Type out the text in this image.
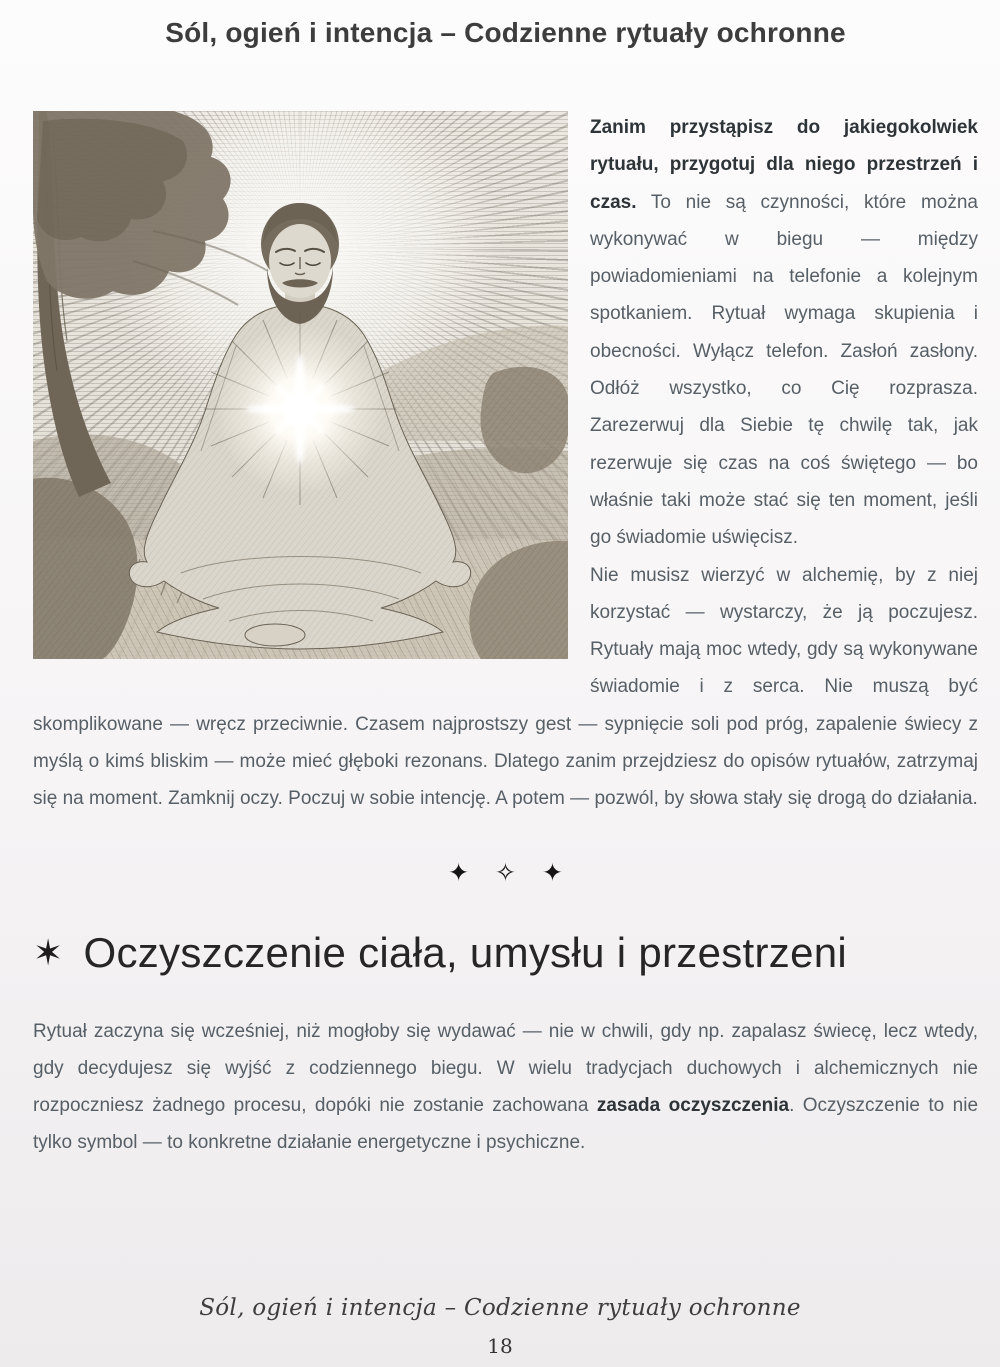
Sól, ogień i intencja – Codzienne rytuały ochronne

Zanim przystąpisz do jakiegokolwiek rytuału, przygotuj dla niego przestrzeń i czas. To nie są czynności, które można wykonywać w biegu — między powiadomieniami na telefonie a kolejnym spotkaniem. Rytuał wymaga skupienia i obecności. Wyłącz telefon. Zasłoń zasłony. Odłóż wszystko, co Cię rozprasza. Zarezerwuj dla Siebie tę chwilę tak, jak rezerwuje się czas na coś świętego — bo właśnie taki może stać się ten moment, jeśli go świadomie uświęcisz.

Nie musisz wierzyć w alchemię, by z niej korzystać — wystarczy, że ją poczujesz. Rytuały mają moc wtedy, gdy są wykonywane świadomie i z serca. Nie muszą być skomplikowane — wręcz przeciwnie. Czasem najprostszy gest — sypnięcie soli pod próg, zapalenie świecy z myślą o kimś bliskim — może mieć głęboki rezonans. Dlatego zanim przejdziesz do opisów rytuałów, zatrzymaj się na moment. Zamknij oczy. Poczuj w sobie intencję. A potem — pozwól, by słowa stały się drogą do działania.

✦ ✧ ✦
✶ Oczyszczenie ciała, umysłu i przestrzeni

Rytuał zaczyna się wcześniej, niż mogłoby się wydawać — nie w chwili, gdy np. zapalasz świecę, lecz wtedy, gdy decydujesz się wyjść z codziennego biegu. W wielu tradycjach duchowych i alchemicznych nie rozpoczniesz żadnego procesu, dopóki nie zostanie zachowana zasada oczyszczenia. Oczyszczenie to nie tylko symbol — to konkretne działanie energetyczne i psychiczne.

Sól, ogień i intencja – Codzienne rytuały ochronne
18
